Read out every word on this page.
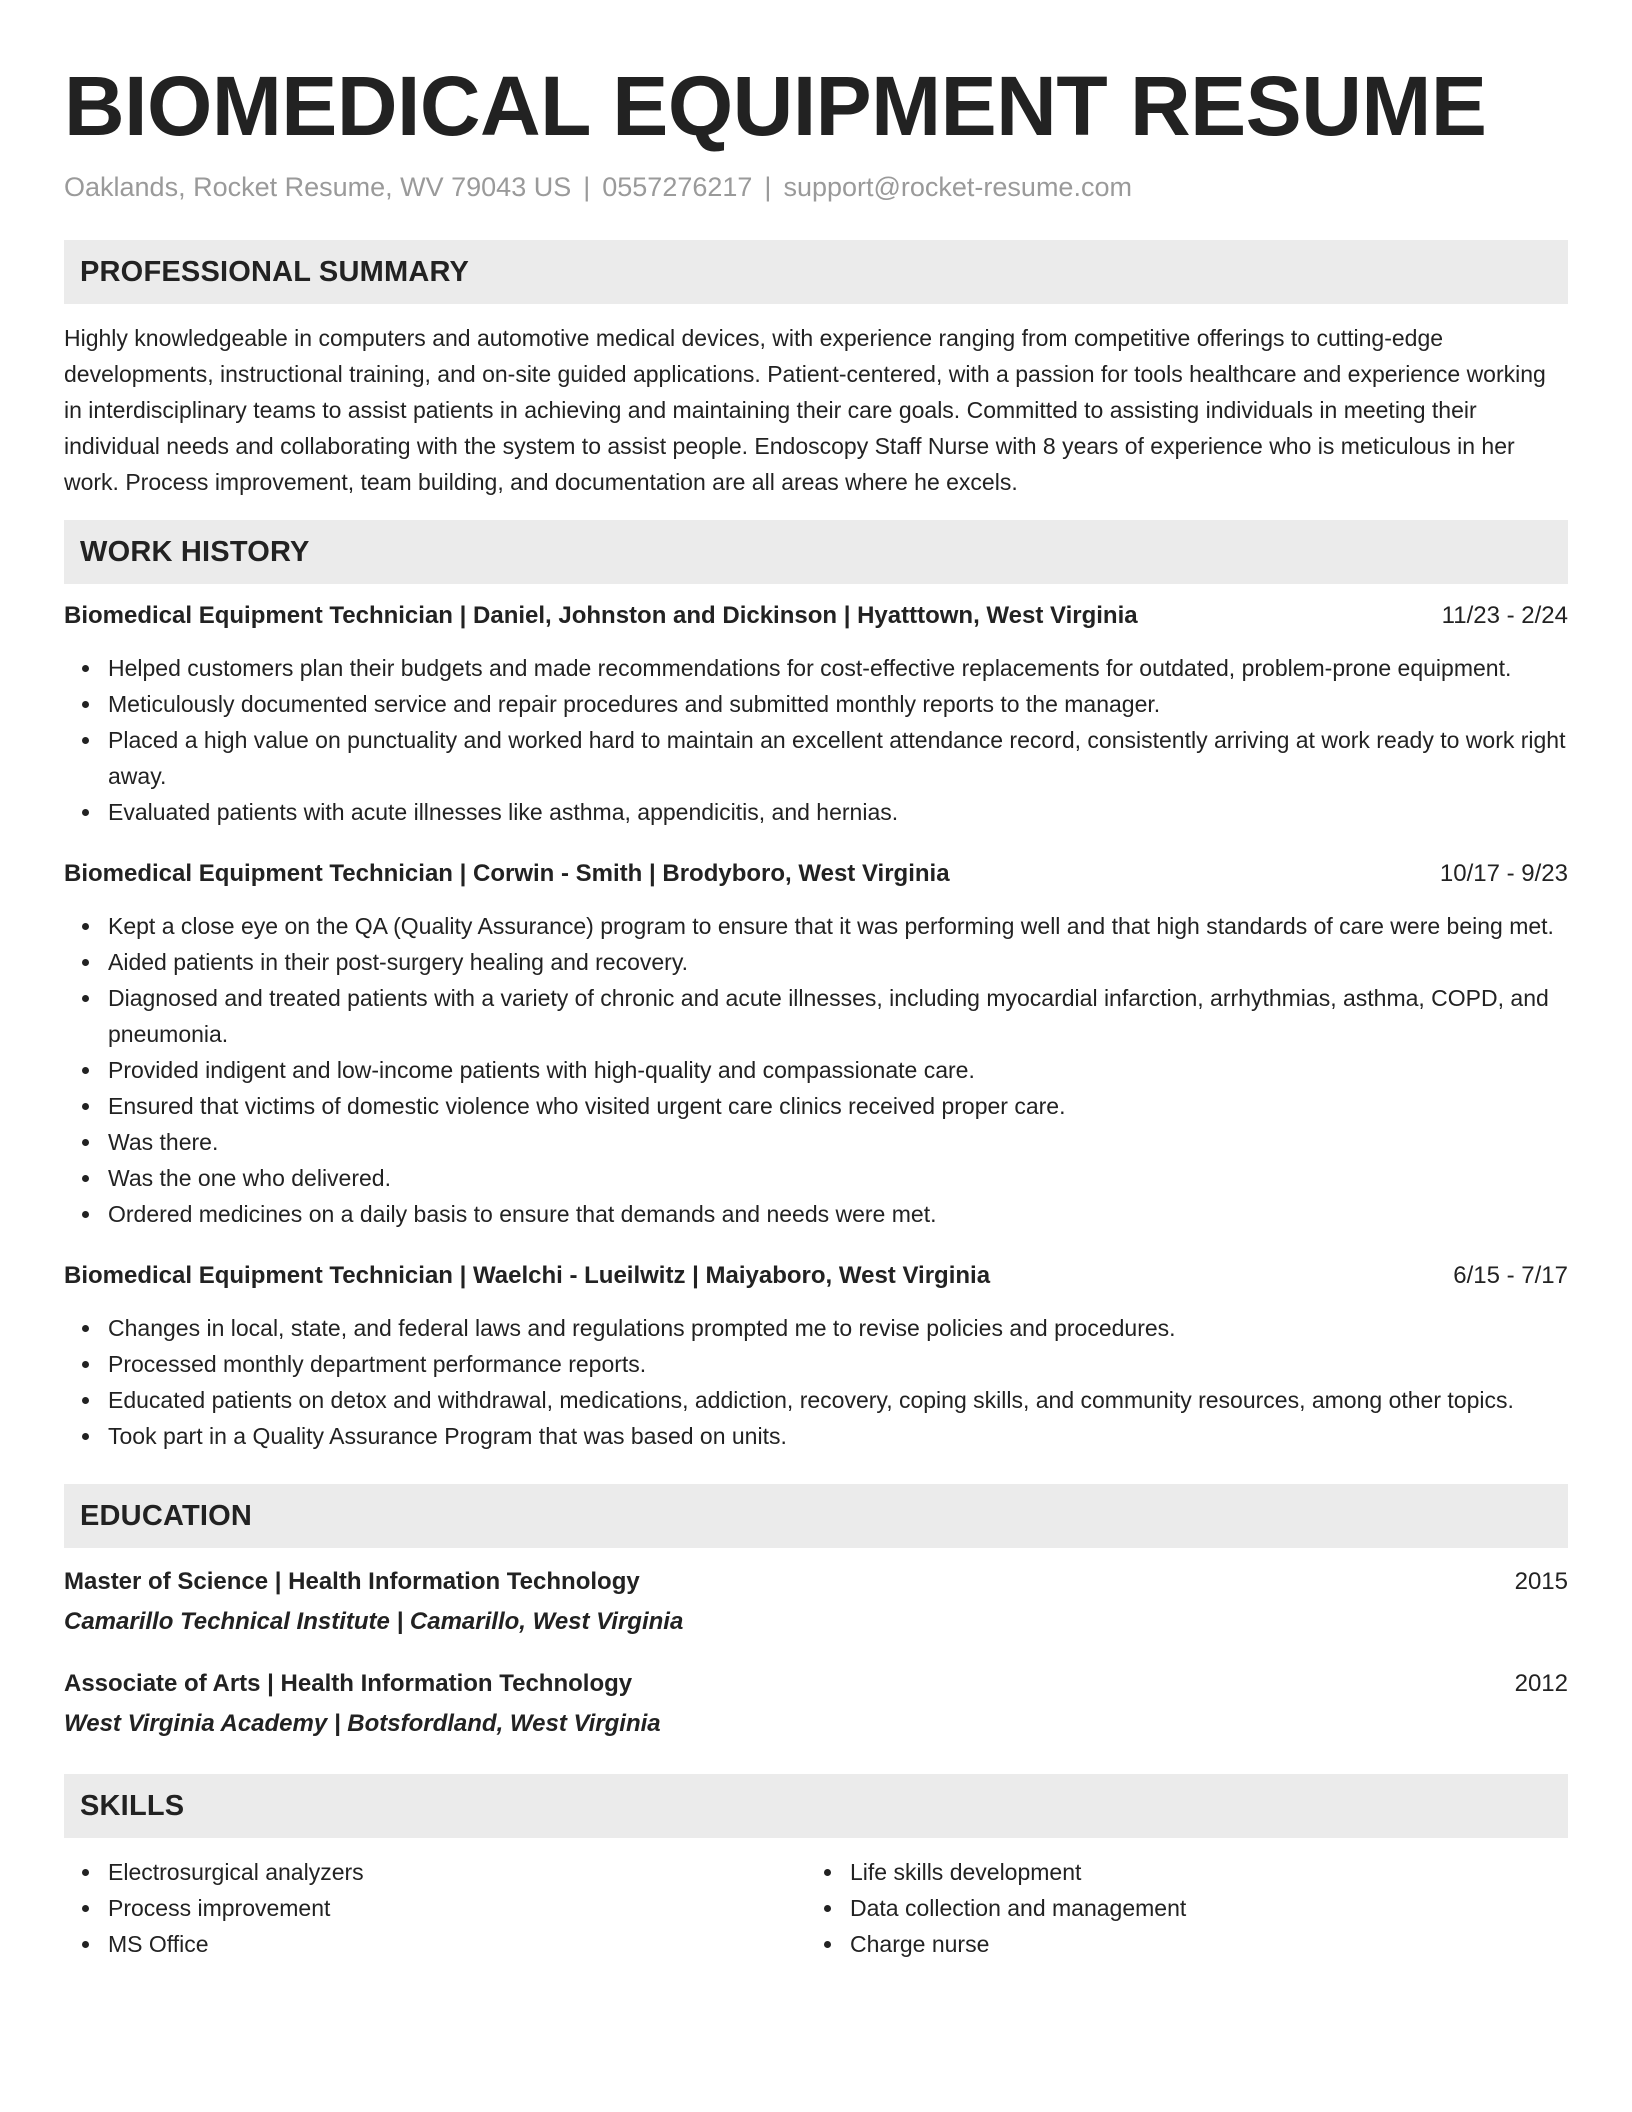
BIOMEDICAL EQUIPMENT RESUME
Oaklands, Rocket Resume, WV 79043 US | 0557276217 | support@rocket-resume.com
PROFESSIONAL SUMMARY

Highly knowledgeable in computers and automotive medical devices, with experience ranging from competitive offerings to cutting-edge developments, instructional training, and on-site guided applications. Patient-centered, with a passion for tools healthcare and experience working in interdisciplinary teams to assist patients in achieving and maintaining their care goals. Committed to assisting individuals in meeting their individual needs and collaborating with the system to assist people. Endoscopy Staff Nurse with 8 years of experience who is meticulous in her work. Process improvement, team building, and documentation are all areas where he excels.

WORK HISTORY
Biomedical Equipment Technician | Daniel, Johnston and Dickinson | Hyatttown, West Virginia	11/23 - 2/24
Helped customers plan their budgets and made recommendations for cost-effective replacements for outdated, problem-prone equipment.
Meticulously documented service and repair procedures and submitted monthly reports to the manager.
Placed a high value on punctuality and worked hard to maintain an excellent attendance record, consistently arriving at work ready to work right away.
Evaluated patients with acute illnesses like asthma, appendicitis, and hernias.
Biomedical Equipment Technician | Corwin - Smith | Brodyboro, West Virginia	10/17 - 9/23
Kept a close eye on the QA (Quality Assurance) program to ensure that it was performing well and that high standards of care were being met.
Aided patients in their post-surgery healing and recovery.
Diagnosed and treated patients with a variety of chronic and acute illnesses, including myocardial infarction, arrhythmias, asthma, COPD, and pneumonia.
Provided indigent and low-income patients with high-quality and compassionate care.
Ensured that victims of domestic violence who visited urgent care clinics received proper care.
Was there.
Was the one who delivered.
Ordered medicines on a daily basis to ensure that demands and needs were met.
Biomedical Equipment Technician | Waelchi - Lueilwitz | Maiyaboro, West Virginia	6/15 - 7/17
Changes in local, state, and federal laws and regulations prompted me to revise policies and procedures.
Processed monthly department performance reports.
Educated patients on detox and withdrawal, medications, addiction, recovery, coping skills, and community resources, among other topics.
Took part in a Quality Assurance Program that was based on units.
EDUCATION
Master of Science | Health Information Technology	2015
Camarillo Technical Institute | Camarillo, West Virginia
Associate of Arts | Health Information Technology	2012
West Virginia Academy | Botsfordland, West Virginia
SKILLS
Electrosurgical analyzers
Process improvement
MS Office
Life skills development
Data collection and management
Charge nurse
